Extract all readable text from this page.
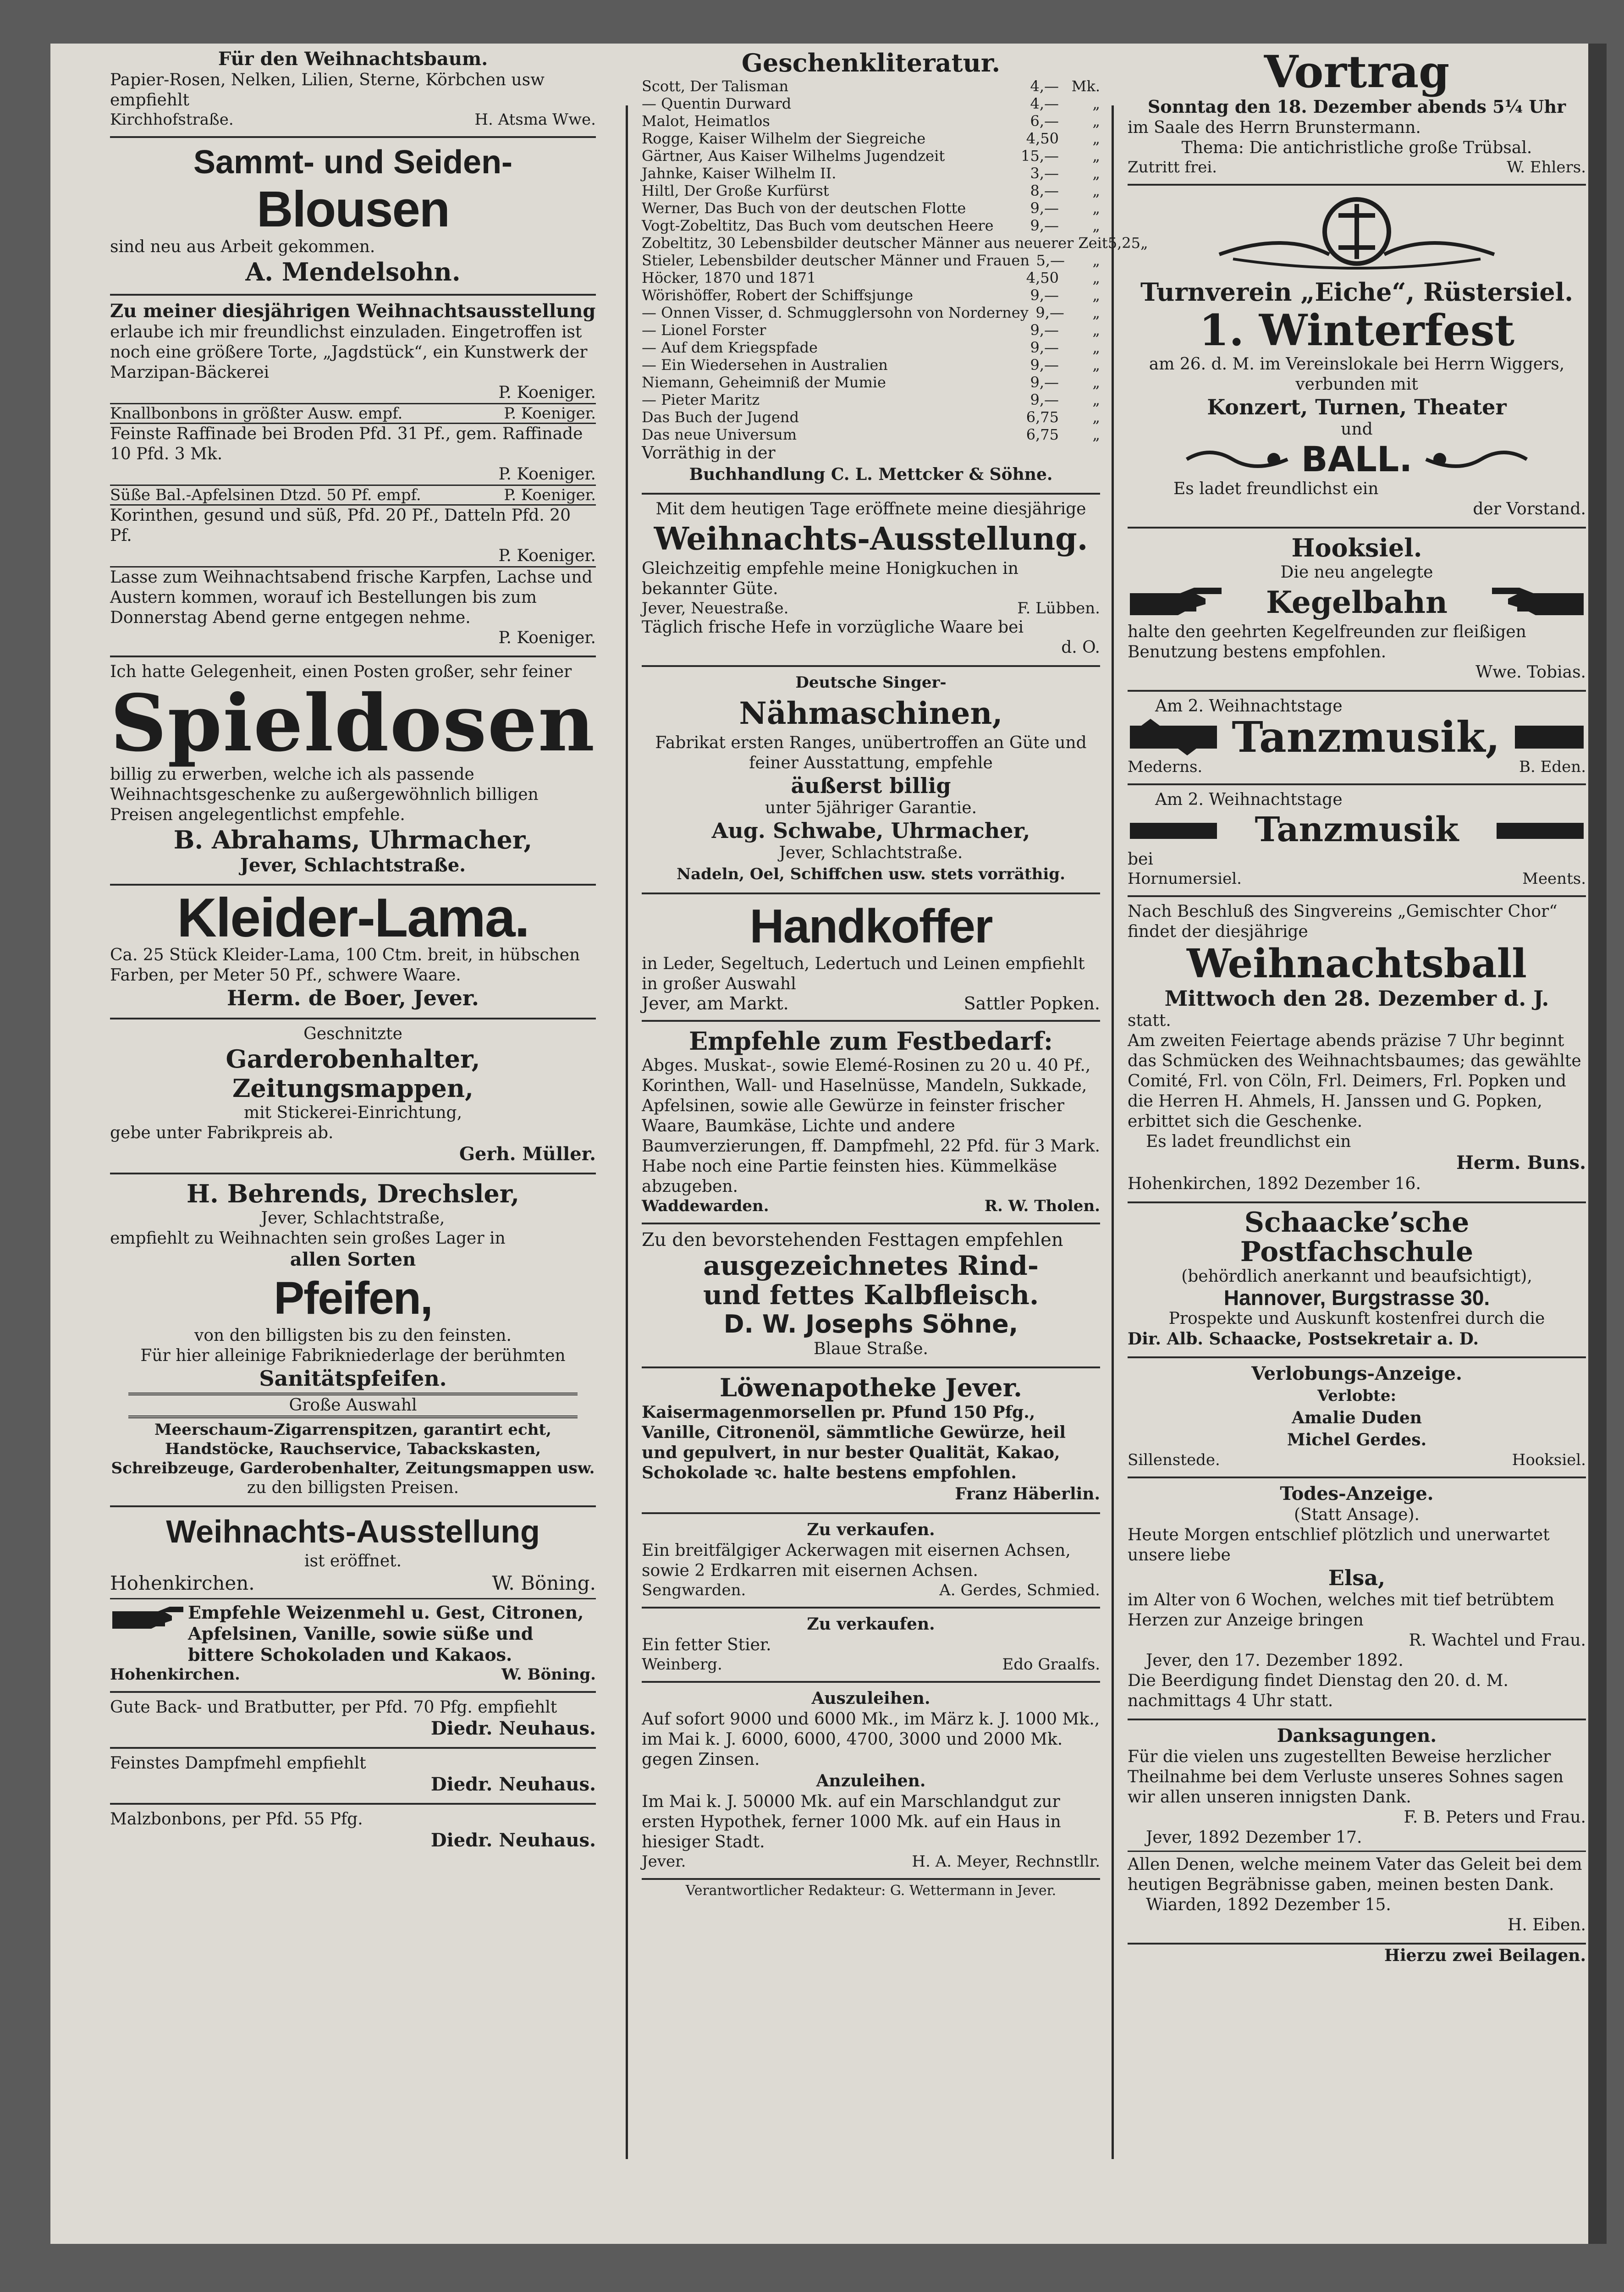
Für den Weihnachtsbaum.

Papier-Rosen, Nelken, Lilien, Sterne, Körbchen usw empfiehlt

Kirchhofstraße.	H. Atsma Wwe.

Sammt- und Seiden-

Blousen

sind neu aus Arbeit gekommen.

A. Mendelsohn.

Zu meiner diesjährigen Weihnachtsausstellung

erlaube ich mir freundlichst einzuladen. Eingetroffen ist noch eine größere Torte, „Jagdstück“, ein Kunstwerk der Marzipan-Bäckerei

P. Koeniger.

Knallbonbons in größter Ausw. empf.	P. Koeniger.

Feinste Raffinade bei Broden Pfd. 31 Pf., gem. Raffinade 10 Pfd. 3 Mk.

P. Koeniger.

Süße Bal.-Apfelsinen Dtzd. 50 Pf. empf.	P. Koeniger.

Korinthen, gesund und süß, Pfd. 20 Pf., Datteln Pfd. 20 Pf.

P. Koeniger.

Lasse zum Weihnachtsabend frische Karpfen, Lachse und Austern kommen, worauf ich Bestellungen bis zum Donnerstag Abend gerne entgegen nehme.

P. Koeniger.

Ich hatte Gelegenheit, einen Posten großer, sehr feiner

Spieldosen

billig zu erwerben, welche ich als passende Weihnachtsgeschenke zu außergewöhnlich billigen Preisen angelegentlichst empfehle.

B. Abrahams, Uhrmacher,

Jever, Schlachtstraße.

Kleider-Lama.

Ca. 25 Stück Kleider-Lama, 100 Ctm. breit, in hübschen Farben, per Meter 50 Pf., schwere Waare.

Herm. de Boer, Jever.

Geschnitzte

Garderobenhalter,

Zeitungsmappen,

mit Stickerei-Einrichtung,

gebe unter Fabrikpreis ab.

Gerh. Müller.

H. Behrends, Drechsler,

Jever, Schlachtstraße,

empfiehlt zu Weihnachten sein großes Lager in

allen Sorten

Pfeifen,

von den billigsten bis zu den feinsten.

Für hier alleinige Fabrikniederlage der berühmten

Sanitätspfeifen.

Große Auswahl

Meerschaum-Zigarrenspitzen, garantirt echt, Handstöcke, Rauchservice, Tabackskasten, Schreibzeuge, Garderobenhalter, Zeitungsmappen usw.

zu den billigsten Preisen.

Weihnachts-Ausstellung

ist eröffnet.

Hohenkirchen.	W. Böning.

Empfehle Weizenmehl u. Gest, Citronen, Apfelsinen, Vanille, sowie süße und bittere Schokoladen und Kakaos.

Hohenkirchen.	W. Böning.

Gute Back- und Bratbutter, per Pfd. 70 Pfg. empfiehlt

Diedr. Neuhaus.

Feinstes Dampfmehl empfiehlt

Diedr. Neuhaus.

Malzbonbons, per Pfd. 55 Pfg.

Diedr. Neuhaus.

Geschenkliteratur.

Scott, Der Talisman	4,— Mk.
— Quentin Durward	4,—	„
Malot, Heimatlos	6,—	„
Rogge, Kaiser Wilhelm der Siegreiche	4,50	„
Gärtner, Aus Kaiser Wilhelms Jugendzeit	15,—	„
Jahnke, Kaiser Wilhelm II.	3,—	„
Hiltl, Der Große Kurfürst	8,—	„
Werner, Das Buch von der deutschen Flotte	9,—	„
Vogt-Zobeltitz, Das Buch vom deutschen Heere	9,—	„
Zobeltitz, 30 Lebensbilder deutscher Männer aus neuerer Zeit 5,25 „
Stieler, Lebensbilder deutscher Männer und Frauen 5,—	„
Höcker, 1870 und 1871	4,50	„
Wörishöffer, Robert der Schiffsjunge	9,—	„
— Onnen Visser, d. Schmugglersohn von Norderney 9,—	„
— Lionel Forster	9,—	„
— Auf dem Kriegspfade	9,—	„
— Ein Wiedersehen in Australien	9,—	„
Niemann, Geheimniß der Mumie	9,—	„
— Pieter Maritz	9,—	„
Das Buch der Jugend	6,75	„
Das neue Universum	6,75	„

Vorräthig in der

Buchhandlung C. L. Mettcker & Söhne.

Mit dem heutigen Tage eröffnete meine diesjährige

Weihnachts-Ausstellung.

Gleichzeitig empfehle meine Honigkuchen in bekannter Güte.

Jever, Neuestraße.	F. Lübben.

Täglich frische Hefe in vorzügliche Waare bei

d. O.

Deutsche Singer-

Nähmaschinen,

Fabrikat ersten Ranges, unübertroffen an Güte und feiner Ausstattung, empfehle

äußerst billig

unter 5jähriger Garantie.

Aug. Schwabe, Uhrmacher,

Jever, Schlachtstraße.

Nadeln, Oel, Schiffchen usw. stets vorräthig.

Handkoffer

in Leder, Segeltuch, Ledertuch und Leinen empfiehlt in großer Auswahl

Jever, am Markt.	Sattler Popken.

Empfehle zum Festbedarf:

Abges. Muskat-, sowie Elemé-Rosinen zu 20 u. 40 Pf., Korinthen, Wall- und Haselnüsse, Mandeln, Sukkade, Apfelsinen, sowie alle Gewürze in feinster frischer Waare, Baumkäse, Lichte und andere Baumverzierungen, ff. Dampfmehl, 22 Pfd. für 3 Mark. Habe noch eine Partie feinsten hies. Kümmelkäse abzugeben.

Waddewarden.	R. W. Tholen.

Zu den bevorstehenden Festtagen empfehlen

ausgezeichnetes Rind-

und fettes Kalbfleisch.

D. W. Josephs Söhne,

Blaue Straße.

Löwenapotheke Jever.

Kaisermagenmorsellen pr. Pfund 150 Pfg., Vanille, Citronenöl, sämmtliche Gewürze, heil und gepulvert, in nur bester Qualität, Kakao, Schokolade ꝛc. halte bestens empfohlen.

Franz Häberlin.

Zu verkaufen.

Ein breitfälgiger Ackerwagen mit eisernen Achsen, sowie 2 Erdkarren mit eisernen Achsen.

Sengwarden.	A. Gerdes, Schmied.

Zu verkaufen.

Ein fetter Stier.

Weinberg.	Edo Graalfs.

Auszuleihen.

Auf sofort 9000 und 6000 Mk., im März k. J. 1000 Mk., im Mai k. J. 6000, 6000, 4700, 3000 und 2000 Mk. gegen Zinsen.

Anzuleihen.

Im Mai k. J. 50000 Mk. auf ein Marschlandgut zur ersten Hypothek, ferner 1000 Mk. auf ein Haus in hiesiger Stadt.

Jever.	H. A. Meyer, Rechnstllr.

Verantwortlicher Redakteur: G. Wettermann in Jever.

Vortrag

Sonntag den 18. Dezember abends 5¼ Uhr

im Saale des Herrn Brunstermann.

Thema: Die antichristliche große Trübsal.

Zutritt frei.	W. Ehlers.

Turnverein „Eiche“, Rüstersiel.

1. Winterfest

am 26. d. M. im Vereinslokale bei Herrn Wiggers, verbunden mit

Konzert, Turnen, Theater

und

BALL.

Es ladet freundlichst ein

der Vorstand.

Hooksiel.

Die neu angelegte

Kegelbahn

halte den geehrten Kegelfreunden zur fleißigen Benutzung bestens empfohlen.

Wwe. Tobias.

Am 2. Weihnachtstage

Tanzmusik,
Mederns.	B. Eden.

Am 2. Weihnachtstage

Tanzmusik

bei

Hornumersiel.	Meents.

Nach Beschluß des Singvereins „Gemischter Chor“ findet der diesjährige

Weihnachtsball

Mittwoch den 28. Dezember d. J.

statt.

Am zweiten Feiertage abends präzise 7 Uhr beginnt das Schmücken des Weihnachtsbaumes; das gewählte Comité, Frl. von Cöln, Frl. Deimers, Frl. Popken und die Herren H. Ahmels, H. Janssen und G. Popken, erbittet sich die Geschenke.

Es ladet freundlichst ein

Herm. Buns.

Hohenkirchen, 1892 Dezember 16.

Schaacke’sche Postfachschule

(behördlich anerkannt und beaufsichtigt),

Hannover, Burgstrasse 30.

Prospekte und Auskunft kostenfrei durch die

Dir. Alb. Schaacke, Postsekretair a. D.

Verlobungs-Anzeige.

Verlobte:

Amalie Duden

Michel Gerdes.

Sillenstede.	Hooksiel.

Todes-Anzeige.

(Statt Ansage).

Heute Morgen entschlief plötzlich und unerwartet unsere liebe

Elsa,

im Alter von 6 Wochen, welches mit tief betrübtem Herzen zur Anzeige bringen

R. Wachtel und Frau.

Jever, den 17. Dezember 1892.

Die Beerdigung findet Dienstag den 20. d. M. nachmittags 4 Uhr statt.

Danksagungen.

Für die vielen uns zugestellten Beweise herzlicher Theilnahme bei dem Verluste unseres Sohnes sagen wir allen unseren innigsten Dank.

F. B. Peters und Frau.

Jever, 1892 Dezember 17.

Allen Denen, welche meinem Vater das Geleit bei dem heutigen Begräbnisse gaben, meinen besten Dank.

Wiarden, 1892 Dezember 15.

H. Eiben.

Hierzu zwei Beilagen.
